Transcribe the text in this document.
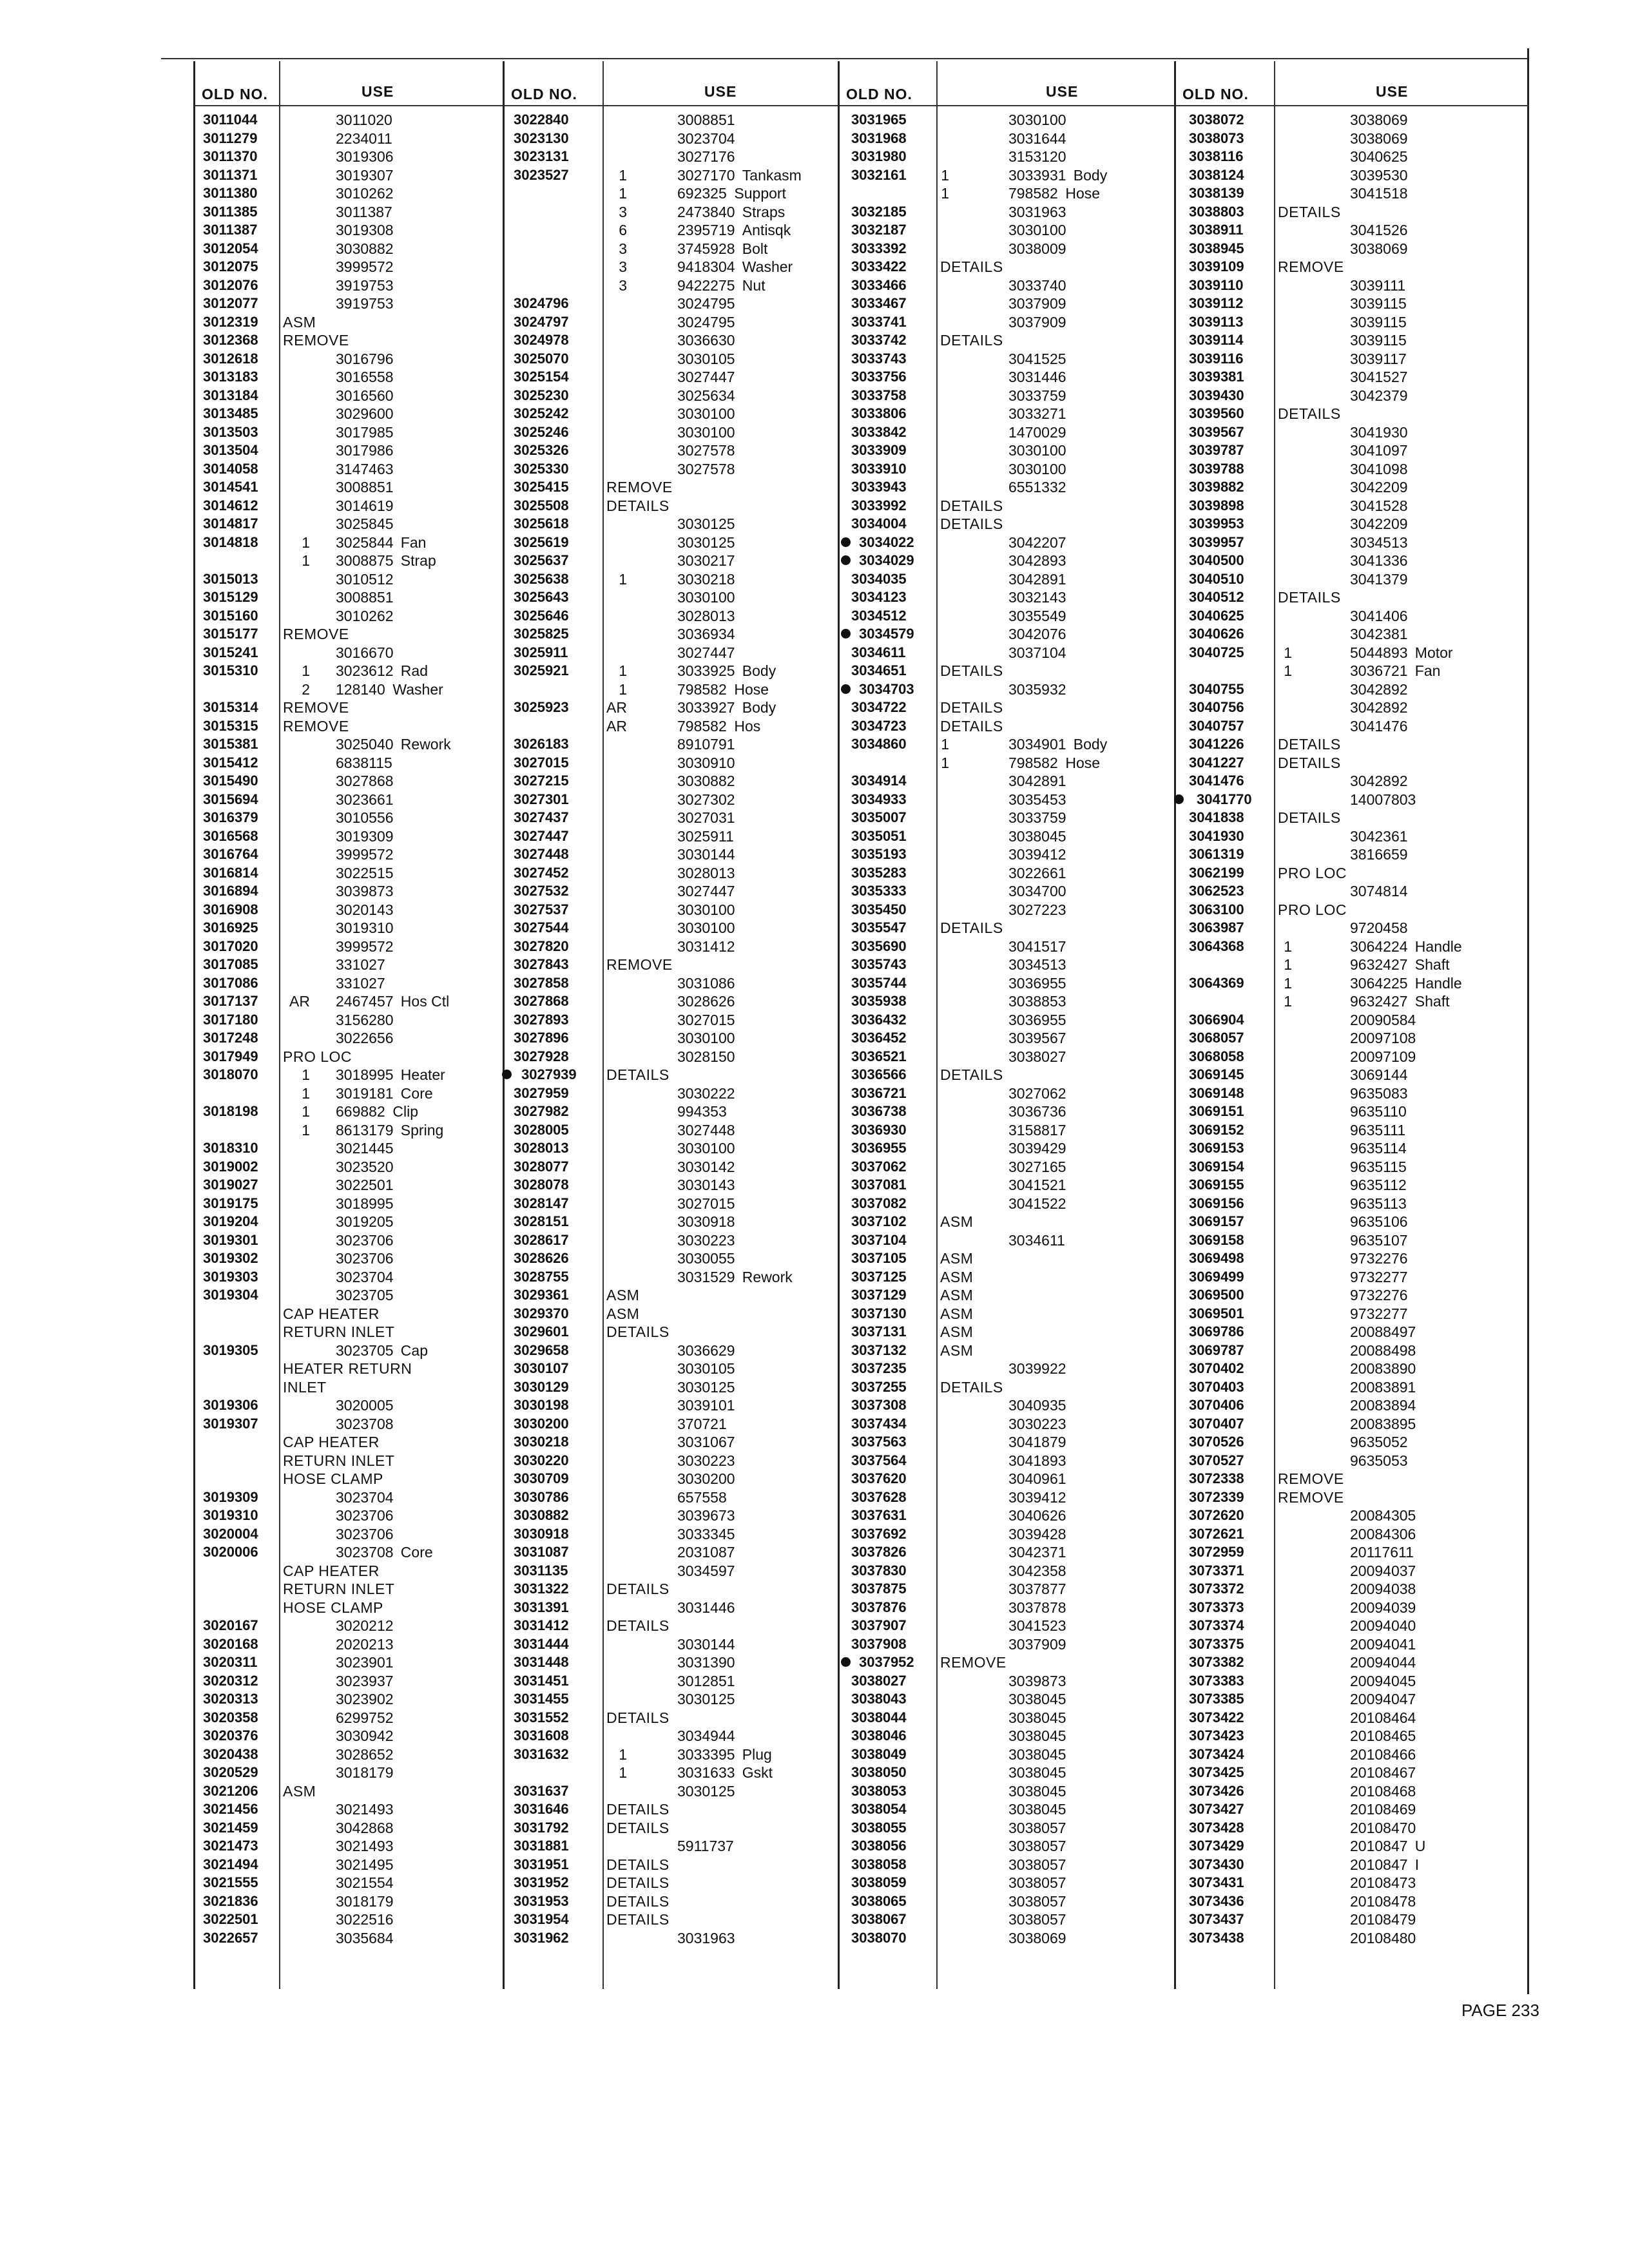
OLD NO.	USE
3011044	3011020
3011279	2234011
3011370	3019306
3011371	3019307
3011380	3010262
3011385	3011387
3011387	3019308
3012054	3030882
3012075	3999572
3012076	3919753
3012077	3919753
3012319 ASM
3012368 REMOVE
3012618	3016796
3013183	3016558
3013184	3016560
3013485	3029600
3013503	3017985
3013504	3017986
3014058	3147463
3014541	3008851
3014612	3014619
3014817	3025845
3014818	1 3025844 Fan
1 3008875 Strap
3015013	3010512
3015129	3008851
3015160	3010262
3015177 REMOVE
3015241	3016670
3015310	1 3023612 Rad
2 128140 Washer
3015314 REMOVE
3015315 REMOVE
3015381	3025040 Rework
3015412	6838115
3015490	3027868
3015694	3023661
3016379	3010556
3016568	3019309
3016764	3999572
3016814	3022515
3016894	3039873
3016908	3020143
3016925	3019310
3017020	3999572
3017085	331027
3017086	331027
3017137	AR 2467457 Hos Ctl
3017180	3156280
3017248	3022656
3017949 PRO LOC
3018070	1 3018995 Heater
1 3019181 Core
3018198	1 669882 Clip
1 8613179 Spring
3018310	3021445
3019002	3023520
3019027	3022501
3019175	3018995
3019204	3019205
3019301	3023706
3019302	3023706
3019303	3023704
3019304	3023705
CAP HEATER
RETURN INLET
3019305	3023705 Cap
HEATER RETURN
INLET
3019306	3020005
3019307	3023708
CAP HEATER
RETURN INLET
HOSE CLAMP
3019309	3023704
3019310	3023706
3020004	3023706
3020006	3023708 Core
CAP HEATER
RETURN INLET
HOSE CLAMP
3020167	3020212
3020168	2020213
3020311	3023901
3020312	3023937
3020313	3023902
3020358	6299752
3020376	3030942
3020438	3028652
3020529	3018179
3021206 ASM
3021456	3021493
3021459	3042868
3021473	3021493
3021494	3021495
3021555	3021554
3021836	3018179
3022501	3022516
3022657	3035684
OLD NO.	USE
3022840	3008851
3023130	3023704
3023131	3027176
3023527	1	3027170 Tankasm
1	692325 Support
3	2473840 Straps
6	2395719 Antisqk
3	3745928 Bolt
3	9418304 Washer
3	9422275 Nut
3024796	3024795
3024797	3024795
3024978	3036630
3025070	3030105
3025154	3027447
3025230	3025634
3025242	3030100
3025246	3030100
3025326	3027578
3025330	3027578
3025415	REMOVE
3025508	DETAILS
3025618	3030125
3025619	3030125
3025637	3030217
3025638	1	3030218
3025643	3030100
3025646	3028013
3025825	3036934
3025911	3027447
3025921	1	3033925 Body
1	798582 Hose
3025923	AR	3033927 Body
AR	798582 Hos
3026183	8910791
3027015	3030910
3027215	3030882
3027301	3027302
3027437	3027031
3027447	3025911
3027448	3030144
3027452	3028013
3027532	3027447
3027537	3030100
3027544	3030100
3027820	3031412
3027843	REMOVE
3027858	3031086
3027868	3028626
3027893	3027015
3027896	3030100
3027928	3028150
3027939 DETAILS
3027959	3030222
3027982	994353
3028005	3027448
3028013	3030100
3028077	3030142
3028078	3030143
3028147	3027015
3028151	3030918
3028617	3030223
3028626	3030055
3028755	3031529 Rework
3029361	ASM
3029370	ASM
3029601	DETAILS
3029658	3036629
3030107	3030105
3030129	3030125
3030198	3039101
3030200	370721
3030218	3031067
3030220	3030223
3030709	3030200
3030786	657558
3030882	3039673
3030918	3033345
3031087	2031087
3031135	3034597
3031322	DETAILS
3031391	3031446
3031412	DETAILS
3031444	3030144
3031448	3031390
3031451	3012851
3031455	3030125
3031552	DETAILS
3031608	3034944
3031632	1	3033395 Plug
1	3031633 Gskt
3031637	3030125
3031646	DETAILS
3031792	DETAILS
3031881	5911737
3031951	DETAILS
3031952	DETAILS
3031953	DETAILS
3031954	DETAILS
3031962	3031963
OLD NO.	USE
3031965	3030100
3031968	3031644
3031980	3153120
3032161	1	3033931 Body
1	798582 Hose
3032185	3031963
3032187	3030100
3033392	3038009
3033422 DETAILS
3033466	3033740
3033467	3037909
3033741	3037909
3033742 DETAILS
3033743	3041525
3033756	3031446
3033758	3033759
3033806	3033271
3033842	1470029
3033909	3030100
3033910	3030100
3033943	6551332
3033992 DETAILS
3034004 DETAILS
3034022	3042207
3034029	3042893
3034035	3042891
3034123	3032143
3034512	3035549
3034579	3042076
3034611	3037104
3034651 DETAILS
3034703	3035932
3034722 DETAILS
3034723 DETAILS
3034860	1	3034901 Body
1	798582 Hose
3034914	3042891
3034933	3035453
3035007	3033759
3035051	3038045
3035193	3039412
3035283	3022661
3035333	3034700
3035450	3027223
3035547 DETAILS
3035690	3041517
3035743	3034513
3035744	3036955
3035938	3038853
3036432	3036955
3036452	3039567
3036521	3038027
3036566 DETAILS
3036721	3027062
3036738	3036736
3036930	3158817
3036955	3039429
3037062	3027165
3037081	3041521
3037082	3041522
3037102 ASM
3037104	3034611
3037105 ASM
3037125 ASM
3037129 ASM
3037130 ASM
3037131 ASM
3037132 ASM
3037235	3039922
3037255 DETAILS
3037308	3040935
3037434	3030223
3037563	3041879
3037564	3041893
3037620	3040961
3037628	3039412
3037631	3040626
3037692	3039428
3037826	3042371
3037830	3042358
3037875	3037877
3037876	3037878
3037907	3041523
3037908	3037909
3037952 REMOVE
3038027	3039873
3038043	3038045
3038044	3038045
3038046	3038045
3038049	3038045
3038050	3038045
3038053	3038045
3038054	3038045
3038055	3038057
3038056	3038057
3038058	3038057
3038059	3038057
3038065	3038057
3038067	3038057
3038070	3038069
OLD NO.	USE
3038072	3038069
3038073	3038069
3038116	3040625
3038124	3039530
3038139	3041518
3038803 DETAILS
3038911	3041526
3038945	3038069
3039109 REMOVE
3039110	3039111
3039112	3039115
3039113	3039115
3039114	3039115
3039116	3039117
3039381	3041527
3039430	3042379
3039560 DETAILS
3039567	3041930
3039787	3041097
3039788	3041098
3039882	3042209
3039898	3041528
3039953	3042209
3039957	3034513
3040500	3041336
3040510	3041379
3040512 DETAILS
3040625	3041406
3040626	3042381
3040725	1	5044893 Motor
1	3036721 Fan
3040755	3042892
3040756	3042892
3040757	3041476
3041226 DETAILS
3041227 DETAILS
3041476	3042892
3041770	14007803
3041838 DETAILS
3041930	3042361
3061319	3816659
3062199 PRO LOC
3062523	3074814
3063100 PRO LOC
3063987	9720458
3064368	1	3064224 Handle
1	9632427 Shaft
3064369	1	3064225 Handle
1	9632427 Shaft
3066904	20090584
3068057	20097108
3068058	20097109
3069145	3069144
3069148	9635083
3069151	9635110
3069152	9635111
3069153	9635114
3069154	9635115
3069155	9635112
3069156	9635113
3069157	9635106
3069158	9635107
3069498	9732276
3069499	9732277
3069500	9732276
3069501	9732277
3069786	20088497
3069787	20088498
3070402	20083890
3070403	20083891
3070406	20083894
3070407	20083895
3070526	9635052
3070527	9635053
3072338 REMOVE
3072339 REMOVE
3072620	20084305
3072621	20084306
3072959	20117611
3073371	20094037
3073372	20094038
3073373	20094039
3073374	20094040
3073375	20094041
3073382	20094044
3073383	20094045
3073385	20094047
3073422	20108464
3073423	20108465
3073424	20108466
3073425	20108467
3073426	20108468
3073427	20108469
3073428	20108470
3073429	2010847 U
3073430	2010847 I
3073431	20108473
3073436	20108478
3073437	20108479
3073438	20108480
PAGE 233
